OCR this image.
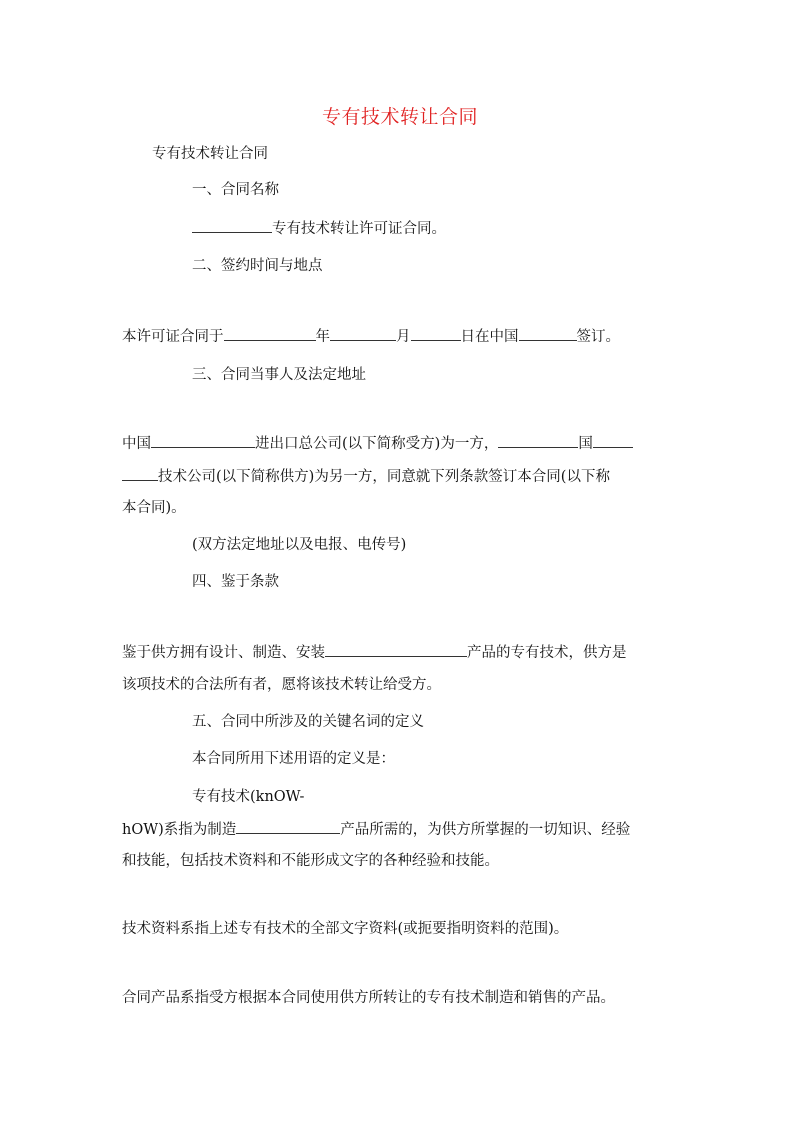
专有技术转让合同
专有技术转让合同
一、合同名称
专有技术转让许可证合同。
二、签约时间与地点
本许可证合同于	年	月	日在中国	签订。
三、合同当事人及法定地址
中国	进出口总公司(以下简称受方)为一方，	国
技术公司(以下简称供方)为另一方，同意就下列条款签订本合同(以下称
本合同)。
(双方法定地址以及电报、电传号)
四、鉴于条款
鉴于供方拥有设计、制造、安装	产品的专有技术，供方是
该项技术的合法所有者，愿将该技术转让给受方。
五、合同中所涉及的关键名词的定义
本合同所用下述用语的定义是：
专有技术(knOW-
hOW)系指为制造	产品所需的，为供方所掌握的一切知识、经验
和技能，包括技术资料和不能形成文字的各种经验和技能。
技术资料系指上述专有技术的全部文字资料(或扼要指明资料的范围)。
合同产品系指受方根据本合同使用供方所转让的专有技术制造和销售的产品。
